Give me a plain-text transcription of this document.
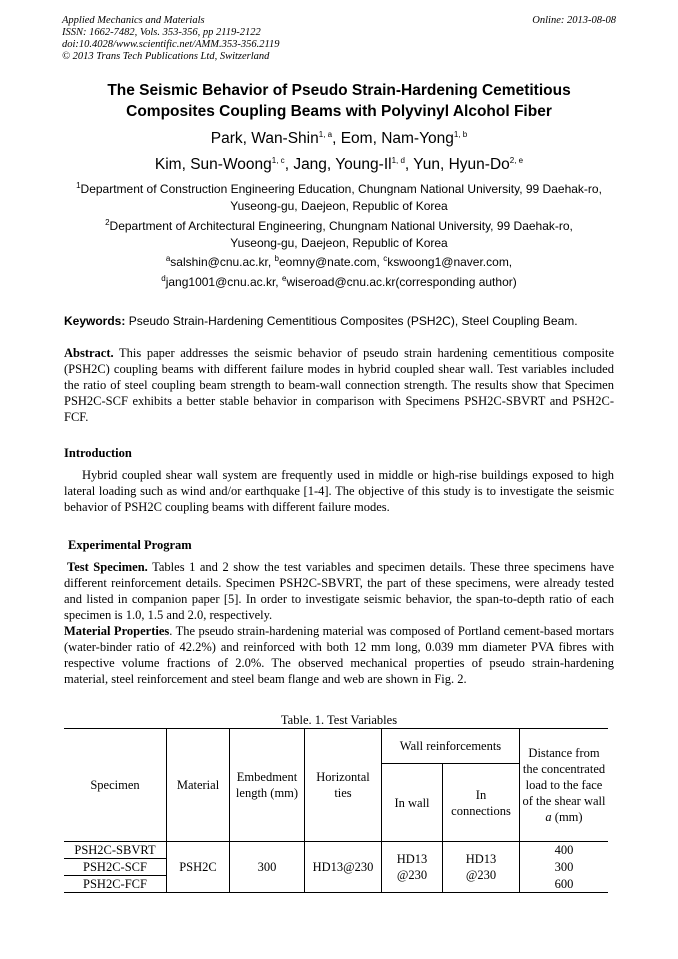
Applied Mechanics and Materials
ISSN: 1662-7482, Vols. 353-356, pp 2119-2122
doi:10.4028/www.scientific.net/AMM.353-356.2119
© 2013 Trans Tech Publications Ltd, Switzerland
Online: 2013-08-08
The Seismic Behavior of Pseudo Strain-Hardening Cemetitious
Composites Coupling Beams with Polyvinyl Alcohol Fiber
Park, Wan-Shin$^{1, a}$, Eom, Nam-Yong$^{1, b}$
Kim, Sun-Woong$^{1, c}$, Jang, Young-Il$^{1, d}$, Yun, Hyun-Do$^{2, e}$
$^1$Department of Construction Engineering Education, Chungnam National University, 99 Daehak-ro,
Yuseong-gu, Daejeon, Republic of Korea
$^2$Department of Architectural Engineering, Chungnam National University, 99 Daehak-ro,
Yuseong-gu, Daejeon, Republic of Korea
$^a$salshin@cnu.ac.kr, $^b$eomny@nate.com, $^c$kswoong1@naver.com,
$^d$jang1001@cnu.ac.kr, $^e$wiseroad@cnu.ac.kr(corresponding author)
Keywords: Pseudo Strain-Hardening Cementitious Composites (PSH2C), Steel Coupling Beam.
Abstract. This paper addresses the seismic behavior of pseudo strain hardening cementitious composite (PSH2C) coupling beams with different failure modes in hybrid coupled shear wall. Test variables included the ratio of steel coupling beam strength to beam-wall connection strength. The results show that Specimen PSH2C-SCF exhibits a better stable behavior in comparison with Specimens PSH2C-SBVRT and PSH2C-FCF.
Introduction
Hybrid coupled shear wall system are frequently used in middle or high-rise buildings exposed to high lateral loading such as wind and/or earthquake [1-4]. The objective of this study is to investigate the seismic behavior of PSH2C coupling beams with different failure modes.
Experimental Program
Test Specimen. Tables 1 and 2 show the test variables and specimen details. These three specimens have different reinforcement details. Specimen PSH2C-SBVRT, the part of these specimens, were already tested and listed in companion paper [5]. In order to investigate seismic behavior, the span-to-depth ratio of each specimen is 1.0, 1.5 and 2.0, respectively.
Material Properties. The pseudo strain-hardening material was composed of Portland cement-based mortars (water-binder ratio of 42.2%) and reinforced with both 12 mm long, 0.039 mm diameter PVA fibres with respective volume fractions of 2.0%. The observed mechanical properties of pseudo strain-hardening material, steel reinforcement and steel beam flange and web are shown in Fig. 2.
Table. 1. Test Variables
Specimen	Material	Embedment length (mm)	Horizontal ties	Wall reinforcements		Distance from the concentrated load to the face of the shear wall
a (mm)
				In wall	In connections	
PSH2C-SBVRT	PSH2C	300	HD13@230	HD13 @230	HD13 @230	400
PSH2C-SCF						300
PSH2C-FCF						600
